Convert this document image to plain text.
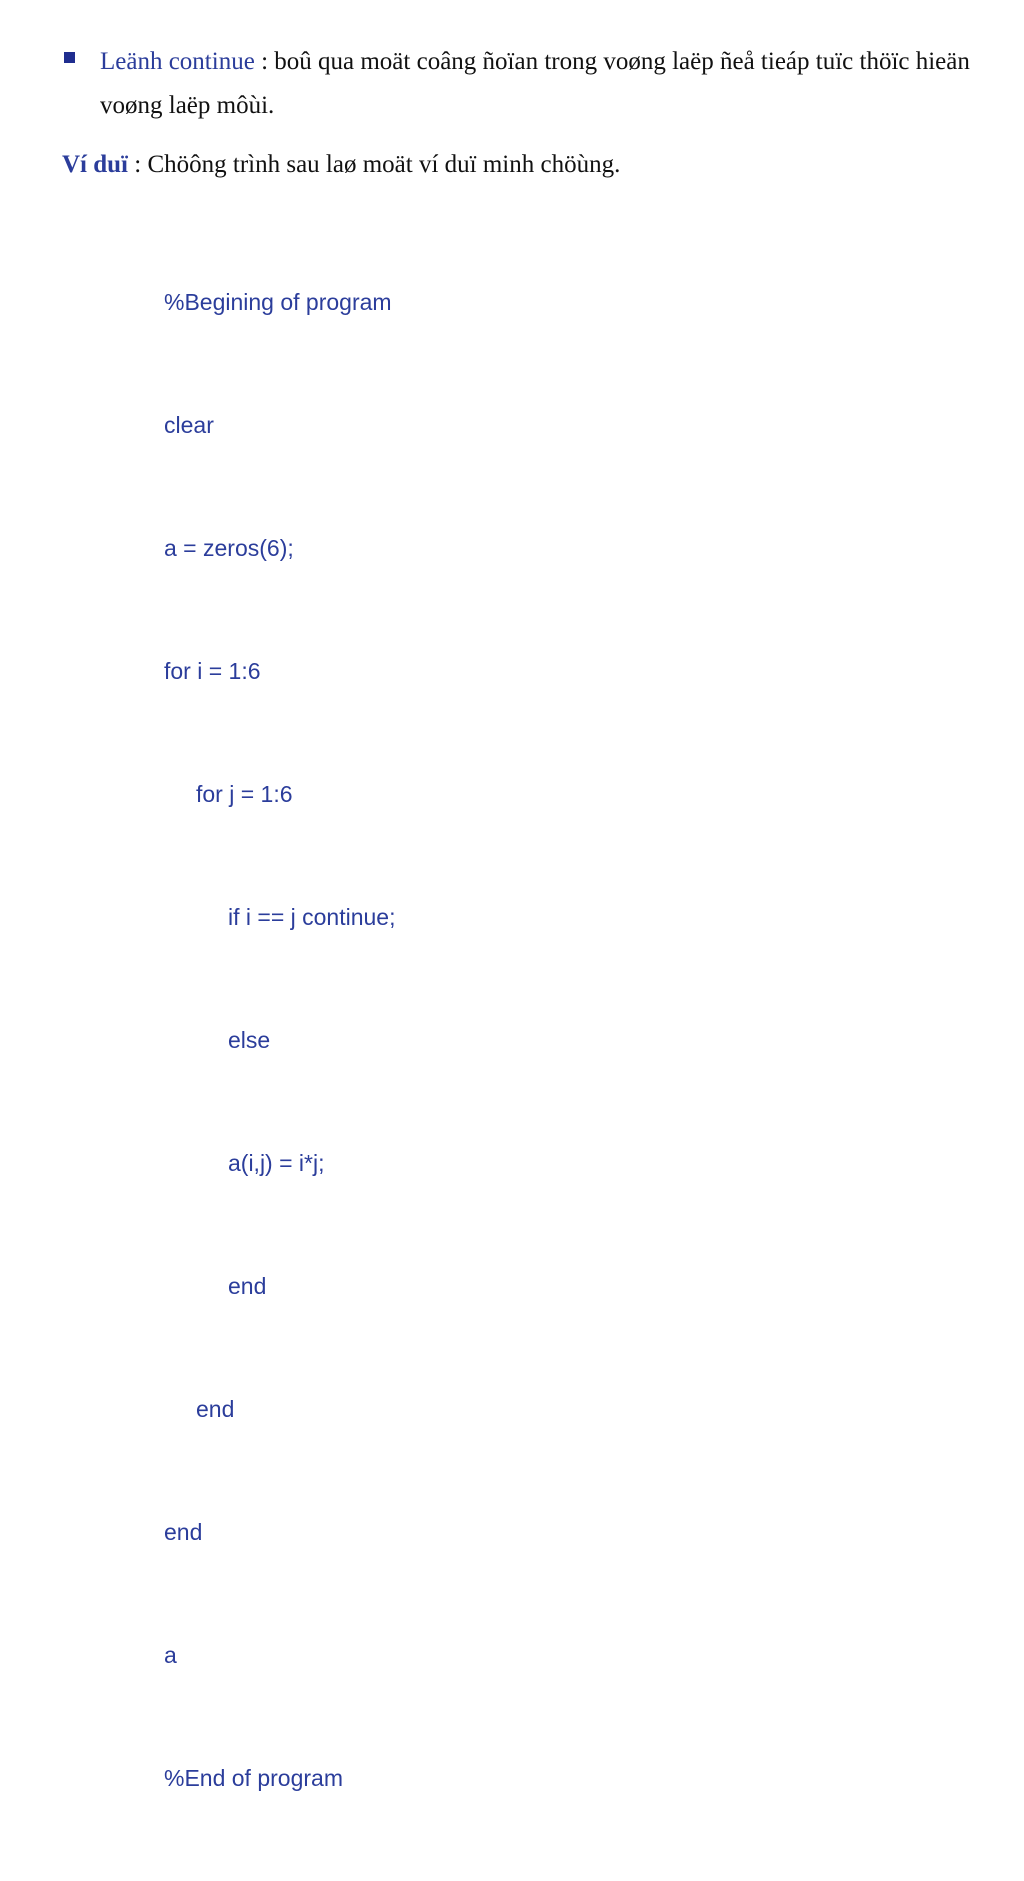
Leänh continue : boû qua moät coâng ñoïan trong voøng laëp ñeå tieáp tuïc thöïc hieän voøng laëp môùi.
Ví duï : Chöông trình sau laø moät ví duï minh chöùng.

%Begining of program

clear

a = zeros(6);

for i = 1:6

for j = 1:6

if i == j continue;

else

a(i,j) = i*j;

end

end

end

a

%End of program
